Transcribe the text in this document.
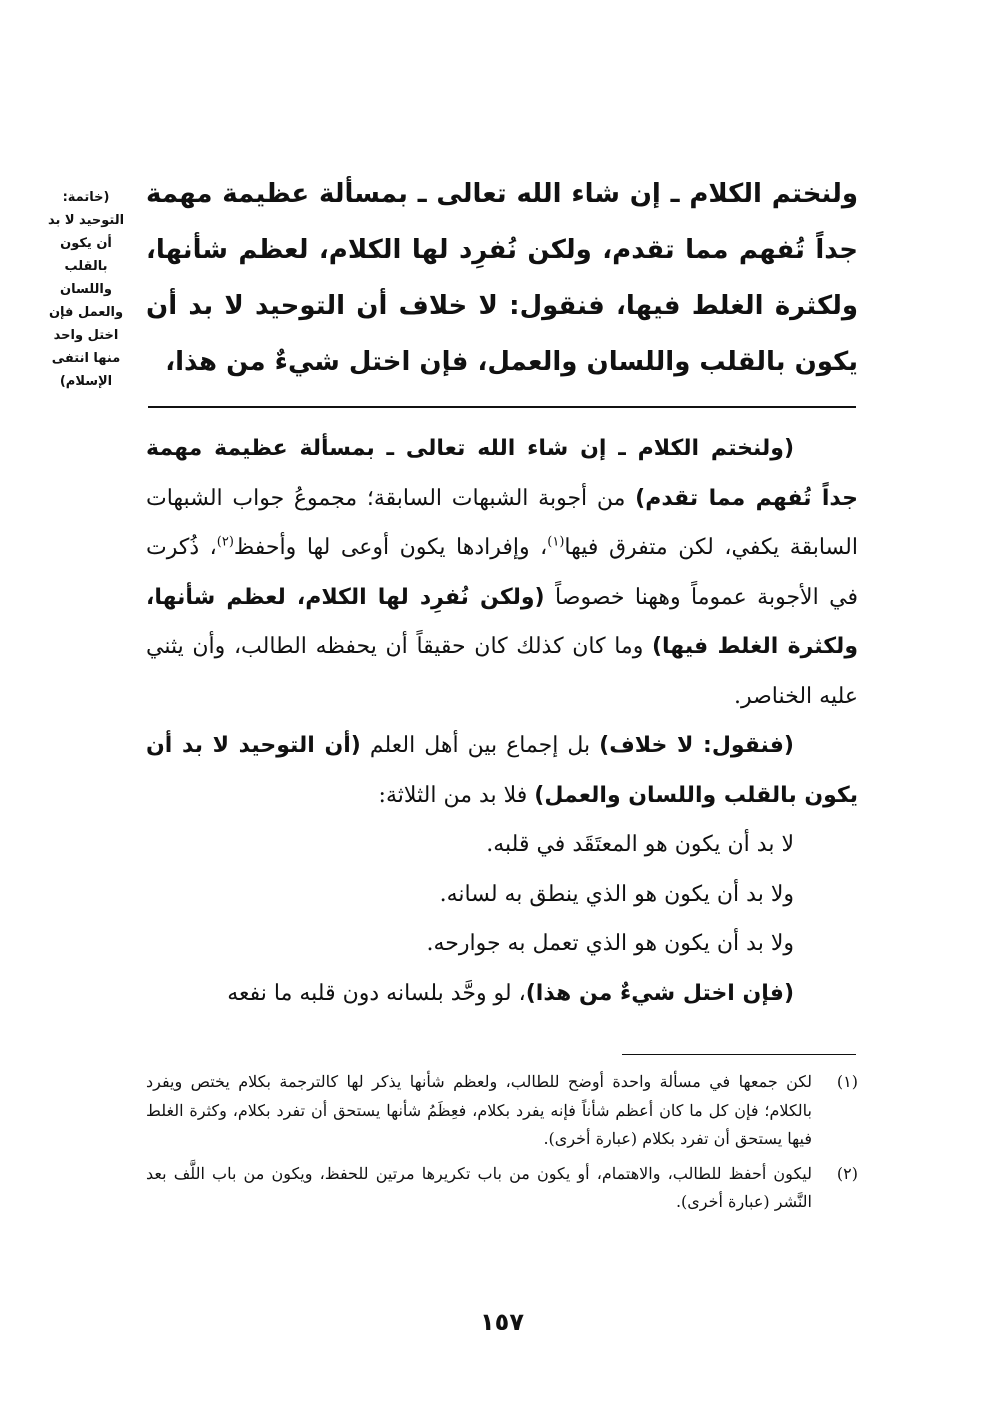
(خاتمة: التوحيد لا بد أن يكون بالقلب واللسان والعمل فإن اختل واحد منها انتفى الإسلام)
ولنختم الكلام ـ إن شاء الله تعالى ـ بمسألة عظيمة مهمة جداً تُفهم مما تقدم، ولكن نُفرِد لها الكلام، لعظم شأنها، ولكثرة الغلط فيها، فنقول: لا خلاف أن التوحيد لا بد أن يكون بالقلب واللسان والعمل، فإن اختل شيءٌ من هذا،

(ولنختم الكلام ـ إن شاء الله تعالى ـ بمسألة عظيمة مهمة جداً تُفهم مما تقدم) من أجوبة الشبهات السابقة؛ مجموعُ جواب الشبهات السابقة يكفي، لكن متفرق فيها$^{(١)}$، وإفرادها يكون أوعى لها وأحفظ$^{(٢)}$، ذُكرت في الأجوبة عموماً وههنا خصوصاً (ولكن نُفرِد لها الكلام، لعظم شأنها، ولكثرة الغلط فيها) وما كان كذلك كان حقيقاً أن يحفظه الطالب، وأن يثني عليه الخناصر.

(فنقول: لا خلاف) بل إجماع بين أهل العلم (أن التوحيد لا بد أن يكون بالقلب واللسان والعمل) فلا بد من الثلاثة:

لا بد أن يكون هو المعتَقَد في قلبه.

ولا بد أن يكون هو الذي ينطق به لسانه.

ولا بد أن يكون هو الذي تعمل به جوارحه.

(فإن اختل شيءٌ من هذا)، لو وحَّد بلسانه دون قلبه ما نفعه

(١)
لكن جمعها في مسألة واحدة أوضح للطالب، ولعظم شأنها يذكر لها كالترجمة بكلام يختص ويفرد بالكلام؛ فإن كل ما كان أعظم شأناً فإنه يفرد بكلام، فعِظَمُ شأنها يستحق أن تفرد بكلام، وكثرة الغلط فيها يستحق أن تفرد بكلام (عبارة أخرى).
(٢)
ليكون أحفظ للطالب، والاهتمام، أو يكون من باب تكريرها مرتين للحفظ، ويكون من باب اللَّف بعد النَّشر (عبارة أخرى).
١٥٧
